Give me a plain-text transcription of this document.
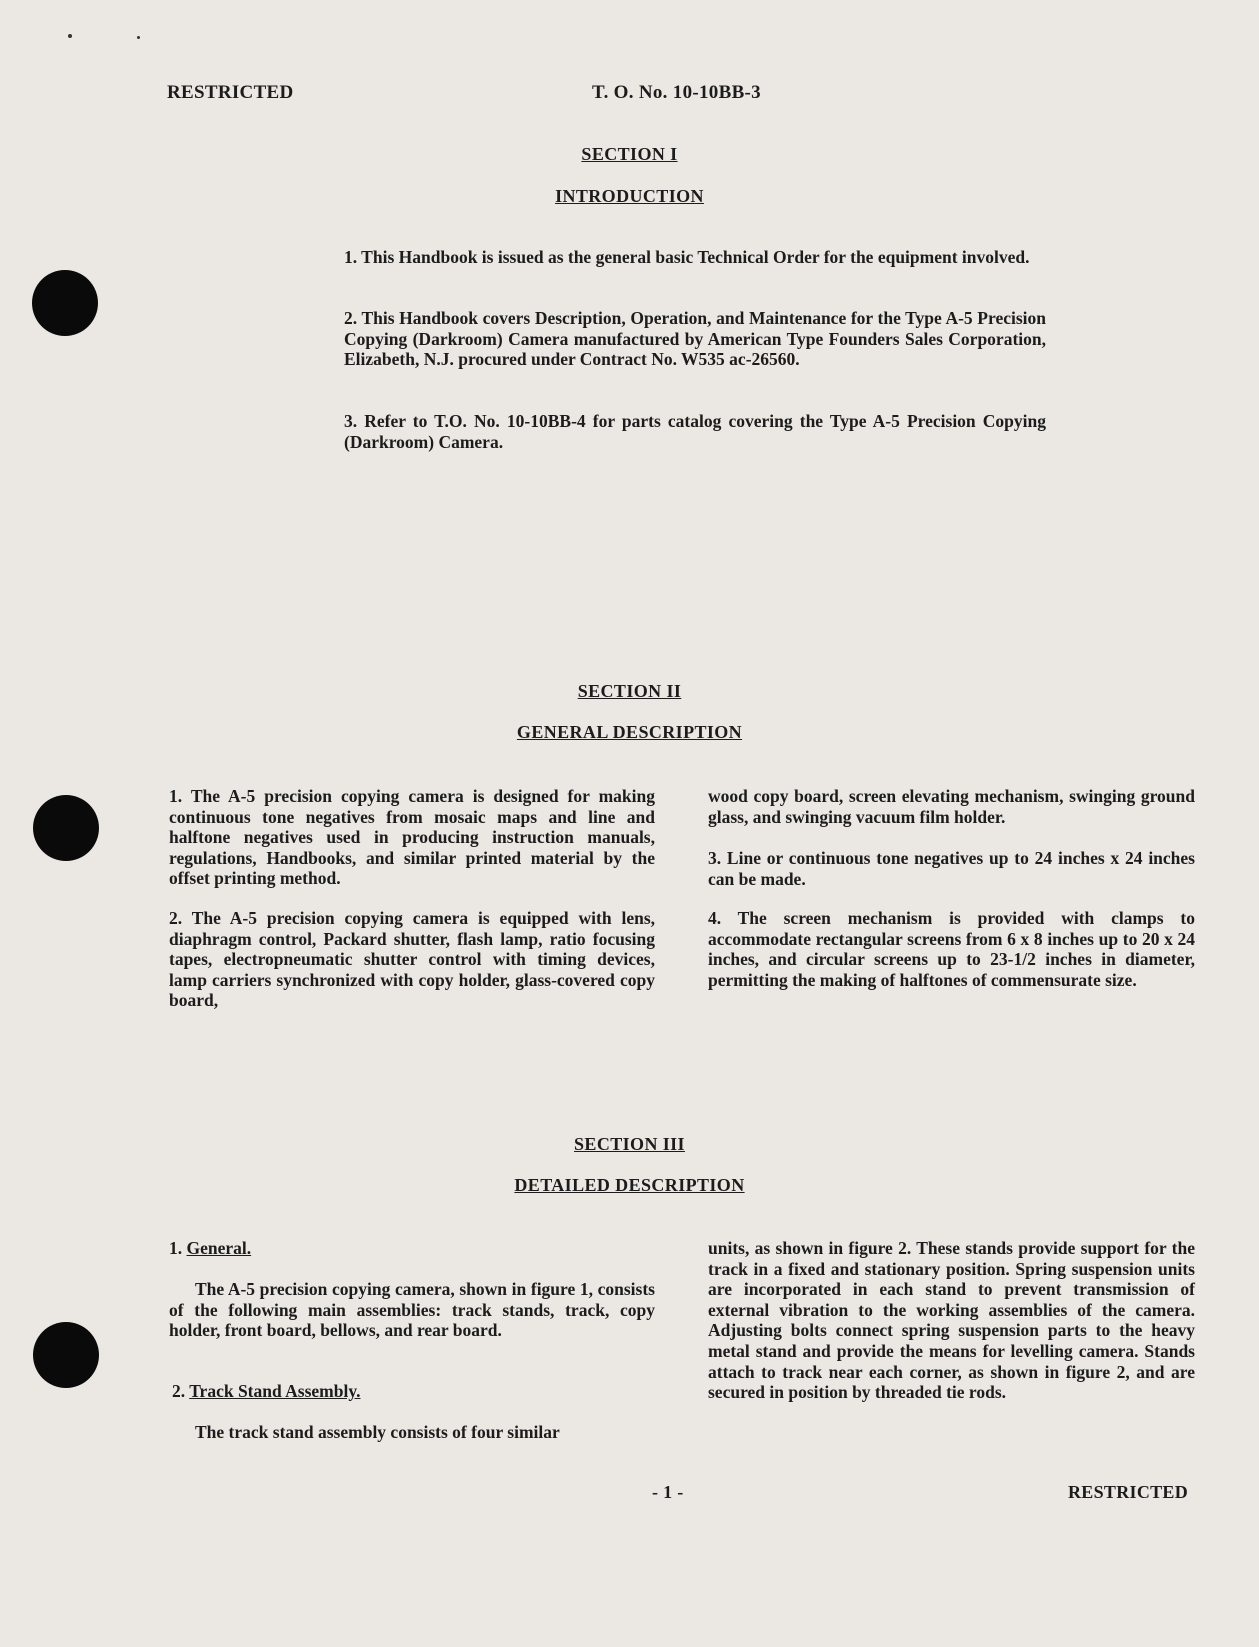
RESTRICTED	T. O. No. 10-10BB-3
SECTION I
INTRODUCTION

1. This Handbook is issued as the general basic Technical Order for the equipment involved.

2. This Handbook covers Description, Operation, and Maintenance for the Type A-5 Precision Copying (Darkroom) Camera manufactured by American Type Founders Sales Corporation, Elizabeth, N.J. procured under Contract No. W535 ac-26560.

3. Refer to T.O. No. 10-10BB-4 for parts catalog covering the Type A-5 Precision Copying (Darkroom) Camera.

SECTION II
GENERAL DESCRIPTION

1. The A-5 precision copying camera is designed for making continuous tone negatives from mosaic maps and line and halftone negatives used in producing instruction manuals, regulations, Handbooks, and similar printed material by the offset printing method.

2. The A-5 precision copying camera is equipped with lens, diaphragm control, Packard shutter, flash lamp, ratio focusing tapes, electropneumatic shutter control with timing devices, lamp carriers synchronized with copy holder, glass-covered copy board,

wood copy board, screen elevating mechanism, swinging ground glass, and swinging vacuum film holder.

3. Line or continuous tone negatives up to 24 inches x 24 inches can be made.

4. The screen mechanism is provided with clamps to accommodate rectangular screens from 6 x 8 inches up to 20 x 24 inches, and circular screens up to 23-1/2 inches in diameter, permitting the making of halftones of commensurate size.

SECTION III
DETAILED DESCRIPTION
1. General.

The A-5 precision copying camera, shown in figure 1, consists of the following main assemblies: track stands, track, copy holder, front board, bellows, and rear board.

2. Track Stand Assembly.

The track stand assembly consists of four similar

units, as shown in figure 2. These stands provide support for the track in a fixed and stationary position. Spring suspension units are incorporated in each stand to prevent transmission of external vibration to the working assemblies of the camera. Adjusting bolts connect spring suspension parts to the heavy metal stand and provide the means for levelling camera. Stands attach to track near each corner, as shown in figure 2, and are secured in position by threaded tie rods.

- 1 -	RESTRICTED
